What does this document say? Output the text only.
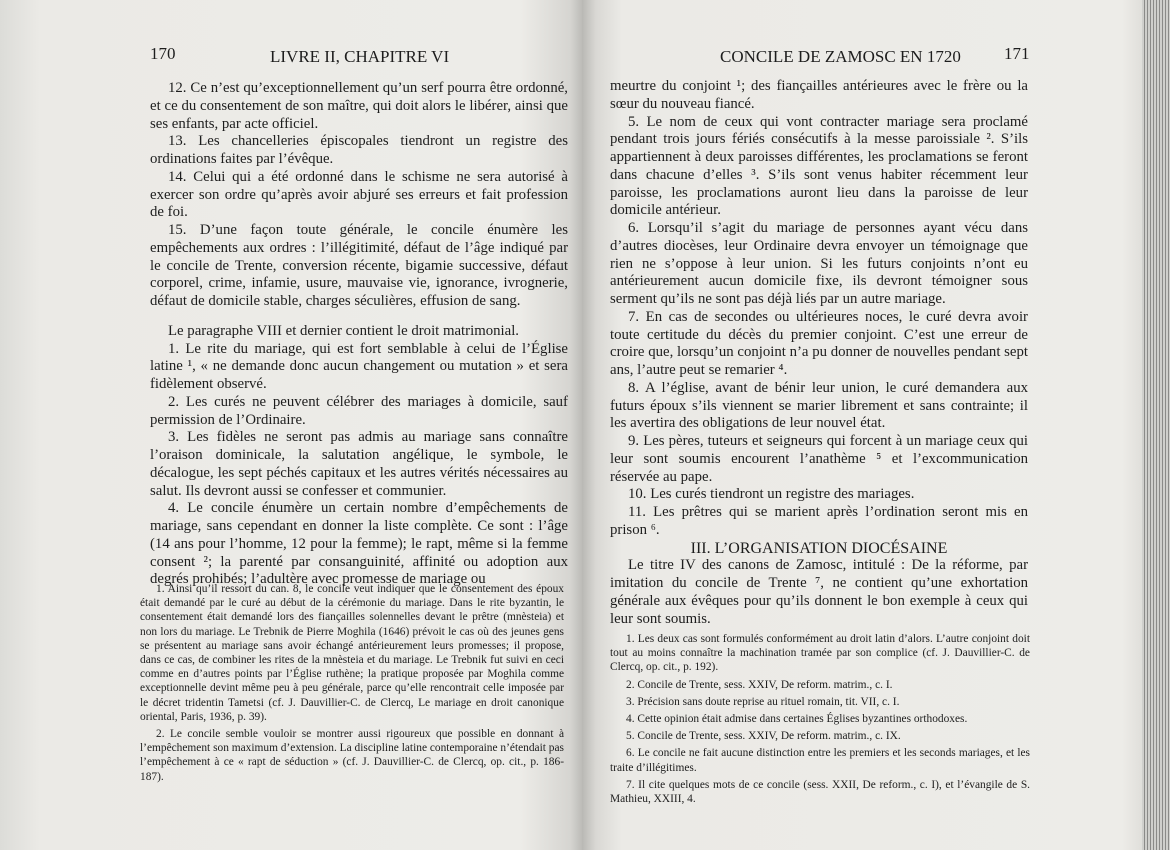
170	LIVRE II, CHAPITRE VI

12. Ce n’est qu’exceptionnellement qu’un serf pourra être ordonné, et ce du consentement de son maître, qui doit alors le libérer, ainsi que ses enfants, par acte officiel.

13. Les chancelleries épiscopales tiendront un registre des ordinations faites par l’évêque.

14. Celui qui a été ordonné dans le schisme ne sera autorisé à exercer son ordre qu’après avoir abjuré ses erreurs et fait profession de foi.

15. D’une façon toute générale, le concile énumère les empêchements aux ordres : l’illégitimité, défaut de l’âge indiqué par le concile de Trente, conversion récente, bigamie successive, défaut corporel, crime, infamie, usure, mauvaise vie, ignorance, ivrognerie, défaut de domicile stable, charges séculières, effusion de sang.

Le paragraphe VIII et dernier contient le droit matrimonial.

1. Le rite du mariage, qui est fort semblable à celui de l’Église latine ¹, « ne demande donc aucun changement ou mutation » et sera fidèlement observé.

2. Les curés ne peuvent célébrer des mariages à domicile, sauf permission de l’Ordinaire.

3. Les fidèles ne seront pas admis au mariage sans connaître l’oraison dominicale, la salutation angélique, le symbole, le décalogue, les sept péchés capitaux et les autres vérités nécessaires au salut. Ils devront aussi se confesser et communier.

4. Le concile énumère un certain nombre d’empêchements de mariage, sans cependant en donner la liste complète. Ce sont : l’âge (14 ans pour l’homme, 12 pour la femme); le rapt, même si la femme consent ²; la parenté par consanguinité, affinité ou adoption aux degrés prohibés; l’adultère avec promesse de mariage ou

1. Ainsi qu’il ressort du can. 8, le concile veut indiquer que le consentement des époux était demandé par le curé au début de la cérémonie du mariage. Dans le rite byzantin, le consentement était demandé lors des fiançailles solennelles devant le prêtre (mnèsteia) et non lors du mariage. Le Trebnik de Pierre Moghila (1646) prévoit le cas où des jeunes gens se présentent au mariage sans avoir échangé antérieurement leurs promesses; il propose, dans ce cas, de combiner les rites de la mnèsteia et du mariage. Le Trebnik fut suivi en ceci comme en d’autres points par l’Église ruthène; la pratique proposée par Moghila comme exceptionnelle devint même peu à peu générale, parce qu’elle rencontrait celle imposée par le décret tridentin Tametsi (cf. J. Dauvillier-C. de Clercq, Le mariage en droit canonique oriental, Paris, 1936, p. 39).

2. Le concile semble vouloir se montrer aussi rigoureux que possible en donnant à l’empêchement son maximum d’extension. La discipline latine contemporaine n’étendait pas l’empêchement à ce « rapt de séduction » (cf. J. Dauvillier-C. de Clercq, op. cit., p. 186-187).

CONCILE DE ZAMOSC EN 1720	171

meurtre du conjoint ¹; des fiançailles antérieures avec le frère ou la sœur du nouveau fiancé.

5. Le nom de ceux qui vont contracter mariage sera proclamé pendant trois jours fériés consécutifs à la messe paroissiale ². S’ils appartiennent à deux paroisses différentes, les proclamations se feront dans chacune d’elles ³. S’ils sont venus habiter récemment leur paroisse, les proclamations auront lieu dans la paroisse de leur domicile antérieur.

6. Lorsqu’il s’agit du mariage de personnes ayant vécu dans d’autres diocèses, leur Ordinaire devra envoyer un témoignage que rien ne s’oppose à leur union. Si les futurs conjoints n’ont eu antérieurement aucun domicile fixe, ils devront témoigner sous serment qu’ils ne sont pas déjà liés par un autre mariage.

7. En cas de secondes ou ultérieures noces, le curé devra avoir toute certitude du décès du premier conjoint. C’est une erreur de croire que, lorsqu’un conjoint n’a pu donner de nouvelles pendant sept ans, l’autre peut se remarier ⁴.

8. A l’église, avant de bénir leur union, le curé demandera aux futurs époux s’ils viennent se marier librement et sans contrainte; il les avertira des obligations de leur nouvel état.

9. Les pères, tuteurs et seigneurs qui forcent à un mariage ceux qui leur sont soumis encourent l’anathème ⁵ et l’excommunication réservée au pape.

10. Les curés tiendront un registre des mariages.

11. Les prêtres qui se marient après l’ordination seront mis en prison ⁶.

III. L’ORGANISATION DIOCÉSAINE

Le titre IV des canons de Zamosc, intitulé : De la réforme, par imitation du concile de Trente ⁷, ne contient qu’une exhortation générale aux évêques pour qu’ils donnent le bon exemple à ceux qui leur sont soumis.

1. Les deux cas sont formulés conformément au droit latin d’alors. L’autre conjoint doit tout au moins connaître la machination tramée par son complice (cf. J. Dauvillier-C. de Clercq, op. cit., p. 192).

2. Concile de Trente, sess. XXIV, De reform. matrim., c. I.

3. Précision sans doute reprise au rituel romain, tit. VII, c. I.

4. Cette opinion était admise dans certaines Églises byzantines orthodoxes.

5. Concile de Trente, sess. XXIV, De reform. matrim., c. IX.

6. Le concile ne fait aucune distinction entre les premiers et les seconds mariages, et les traite d’illégitimes.

7. Il cite quelques mots de ce concile (sess. XXII, De reform., c. I), et l’évangile de S. Mathieu, XXIII, 4.
